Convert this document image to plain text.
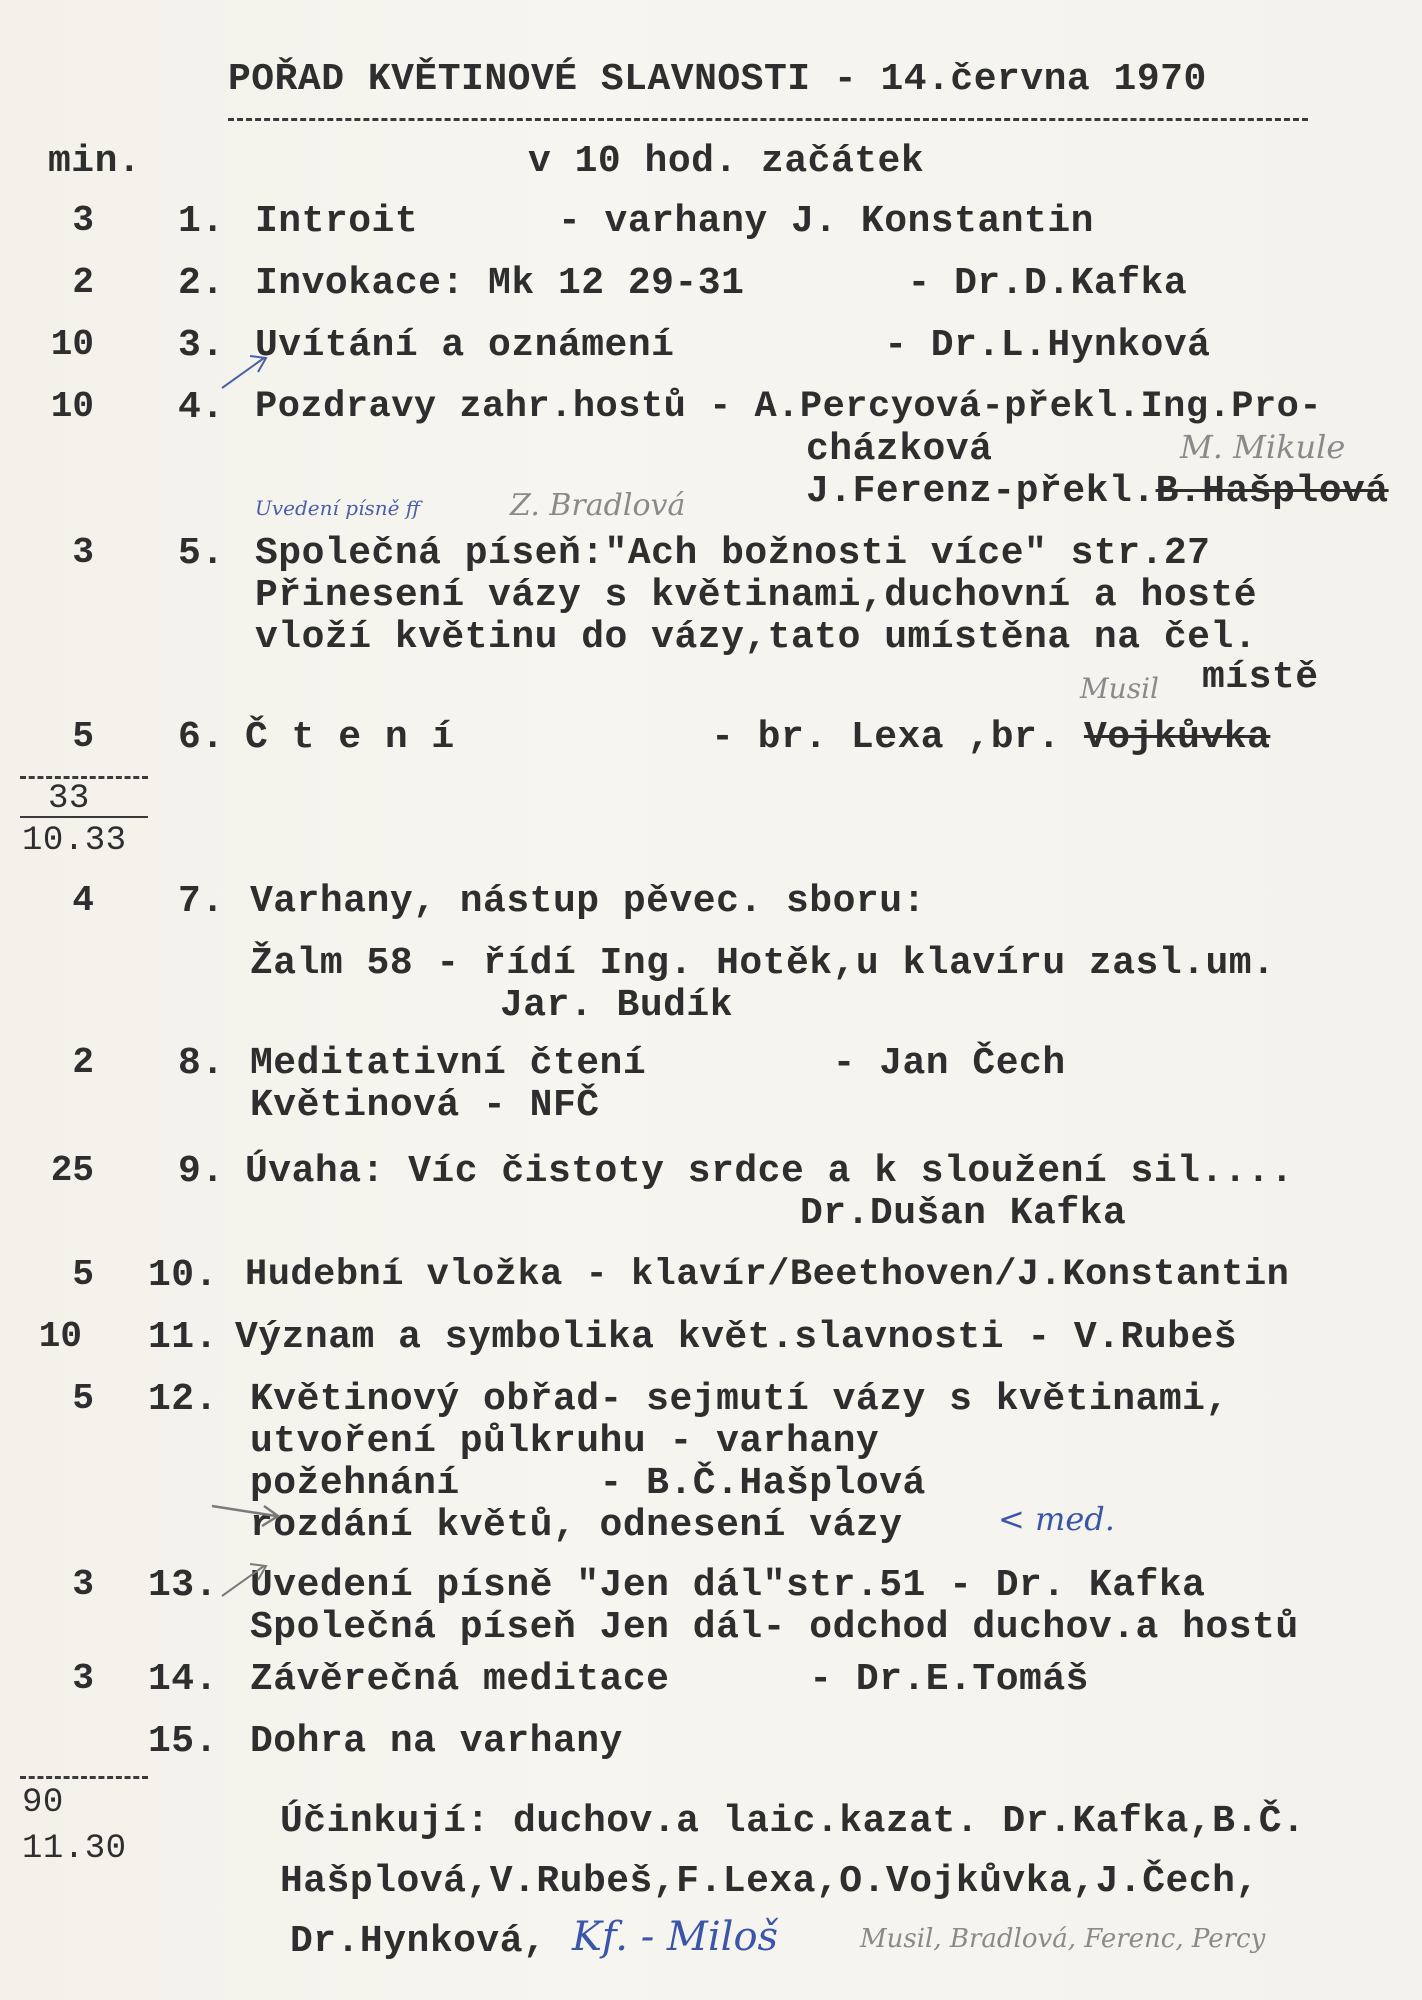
POŘAD KVĚTINOVÉ SLAVNOSTI - 14.června 1970
min.	v 10 hod. začátek
3 1. Introit      - varhany J. Konstantin
2 2. Invokace: Mk 12 29-31       - Dr.D.Kafka
10 3. Uvítání a oznámení         - Dr.L.Hynková
10 4. Pozdravy zahr.hostů - A.Percyová-překl.Ing.Pro-
cházková
J.Ferenz-překl.B.Hašplová
M. Mikule
Uvedení písně ff	Z. Bradlová
3 5. Společná píseň:"Ach božnosti více" str.27
Přinesení vázy s květinami,duchovní a hosté
vloží květinu do vázy,tato umístěna na čel.
místě
Musil
5 6. Č t e n í           - br. Lexa ,br. Vojkůvka
33
10.33
4 7. Varhany, nástup pěvec. sboru:
Žalm 58 - řídí Ing. Hotěk,u klavíru zasl.um.
Jar. Budík
2 8. Meditativní čtení        - Jan Čech
Květinová - NFČ
25 9. Úvaha: Víc čistoty srdce a k sloužení sil....
Dr.Dušan Kafka
5 10. Hudební vložka - klavír/Beethoven/J.Konstantin
10 11. Význam a symbolika květ.slavnosti - V.Rubeš
5 12. Květinový obřad- sejmutí vázy s květinami,
utvoření půlkruhu - varhany
požehnání      - B.Č.Hašplová
rozdání květů, odnesení vázy	< med.
3 13. Uvedení písně "Jen dál"str.51 - Dr. Kafka
Společná píseň Jen dál- odchod duchov.a hostů
3 14. Závěrečná meditace      - Dr.E.Tomáš
15. Dohra na varhany
90
11.30
Účinkují: duchov.a laic.kazat. Dr.Kafka,B.Č.
Hašplová,V.Rubeš,F.Lexa,O.Vojkůvka,J.Čech,
Dr.Hynková, Kf. - Miloš	Musil, Bradlová, Ferenc, Percy
